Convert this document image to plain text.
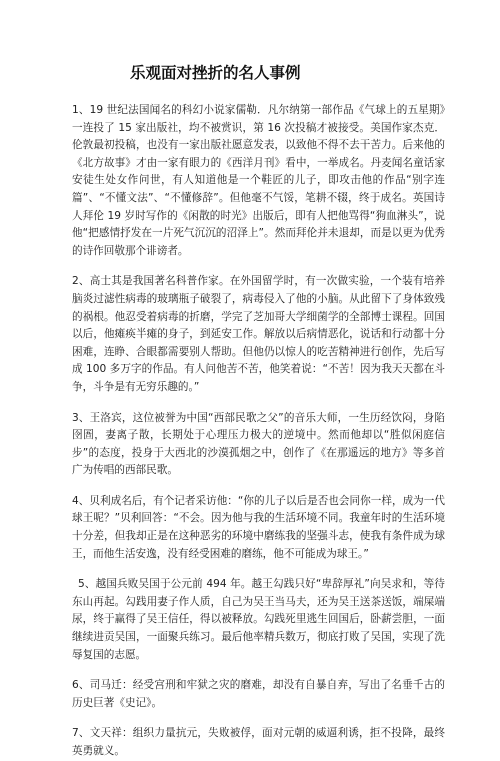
乐观面对挫折的名人事例

1、19 世纪法国闻名的科幻小说家儒勒．凡尔纳第一部作品《气球上的五星期》一连投了 15 家出版社，均不被赏识，第 16 次投稿才被接受。美国作家杰克．伦敦最初投稿，也没有一家出版社愿意发表，以致他不得不去干苦力。后来他的《北方故事》才由一家有眼力的《西洋月刊》看中，一举成名。丹麦闻名童话家安徒生处女作问世，有人知道他是一个鞋匠的儿子，即攻击他的作品“别字连篇”、“不懂文法”、“不懂修辞”。但他毫不气馁，笔耕不辍，终于成名。英国诗人拜伦 19 岁时写作的《闲散的时光》出版后，即有人把他骂得“狗血淋头”，说他“把感情抒发在一片死气沉沉的沼泽上”。然而拜伦并未退却，而是以更为优秀的诗作回敬那个诽谤者。

2、高士其是我国著名科普作家。在外国留学时，有一次做实验，一个装有培养脑炎过滤性病毒的玻璃瓶子破裂了，病毒侵入了他的小脑。从此留下了身体致残的祸根。他忍受着病毒的折磨，学完了芝加哥大学细菌学的全部博士课程。回国以后，他瘫痪半瘫的身子，到延安工作。解放以后病情恶化，说话和行动都十分困难，连睁、合眼都需要别人帮助。但他仍以惊人的吃苦精神进行创作，先后写成 100 多万字的作品。有人问他苦不苦，他笑着说：“不苦！因为我天天都在斗争，斗争是有无穷乐趣的。”

3、王洛宾，这位被誉为中国“西部民歌之父”的音乐大师，一生历经饮闷，身陷囹圄，妻离子散，长期处于心理压力极大的逆境中。然而他却以“胜似闲庭信步”的态度，投身于大西北的沙漠孤烟之中，创作了《在那遥远的地方》等多首广为传唱的西部民歌。

4、贝利成名后，有个记者采访他：“你的儿子以后是否也会同你一样，成为一代球王呢？”贝利回答：“不会。因为他与我的生活环境不同。我童年时的生活环境十分差，但我却正是在这种恶劣的环境中磨练我的坚强斗志，使我有条件成为球王，而他生活安逸，没有经受困难的磨练，他不可能成为球王。”

5、越国兵败吴国于公元前 494 年。越王勾践只好“卑辞厚礼”向吴求和，等待东山再起。勾践用妻子作人质，自己为吴王当马夫，还为吴王送茶送饭，端屎端尿，终于赢得了吴王信任，得以被释放。勾践死里逃生回国后，卧薪尝胆，一面继续进贡吴国，一面聚兵练习。最后他率精兵数万，彻底打败了吴国，实现了洗辱复国的志愿。

6、司马迁：经受宫刑和牢狱之灾的磨难，却没有自暴自弃，写出了名垂千古的历史巨著《史记》。

7、文天祥：组织力量抗元，失败被俘，面对元朝的威逼利诱，拒不投降，最终英勇就义。
